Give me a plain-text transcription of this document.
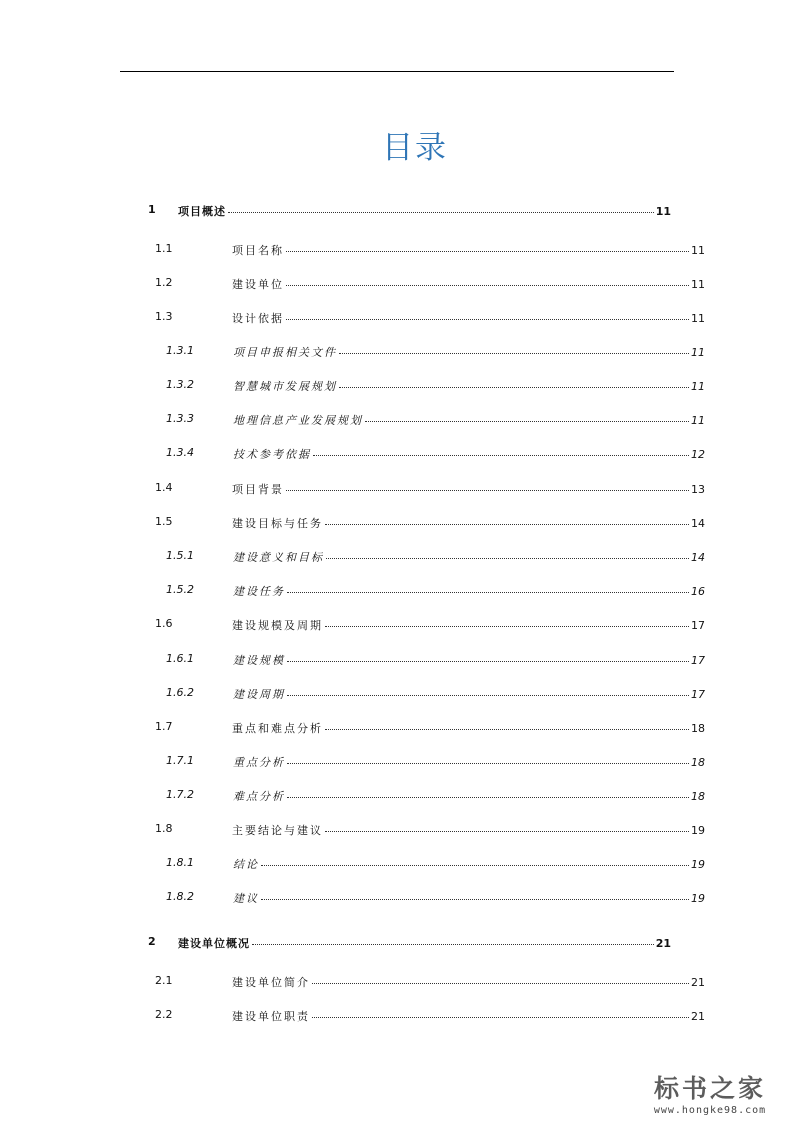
目录
1 项目概述	11
1.1	项目名称	11
1.2	建设单位	11
1.3	设计依据	11
1.3.1	项目申报相关文件	11
1.3.2	智慧城市发展规划	11
1.3.3	地理信息产业发展规划	11
1.3.4	技术参考依据	12
1.4	项目背景	13
1.5	建设目标与任务	14
1.5.1	建设意义和目标	14
1.5.2	建设任务	16
1.6	建设规模及周期	17
1.6.1	建设规模	17
1.6.2	建设周期	17
1.7	重点和难点分析	18
1.7.1	重点分析	18
1.7.2	难点分析	18
1.8	主要结论与建议	19
1.8.1	结论	19
1.8.2	建议	19
2 建设单位概况	21
2.1	建设单位简介	21
2.2	建设单位职责	21
标书之家
www.hongke98.com
